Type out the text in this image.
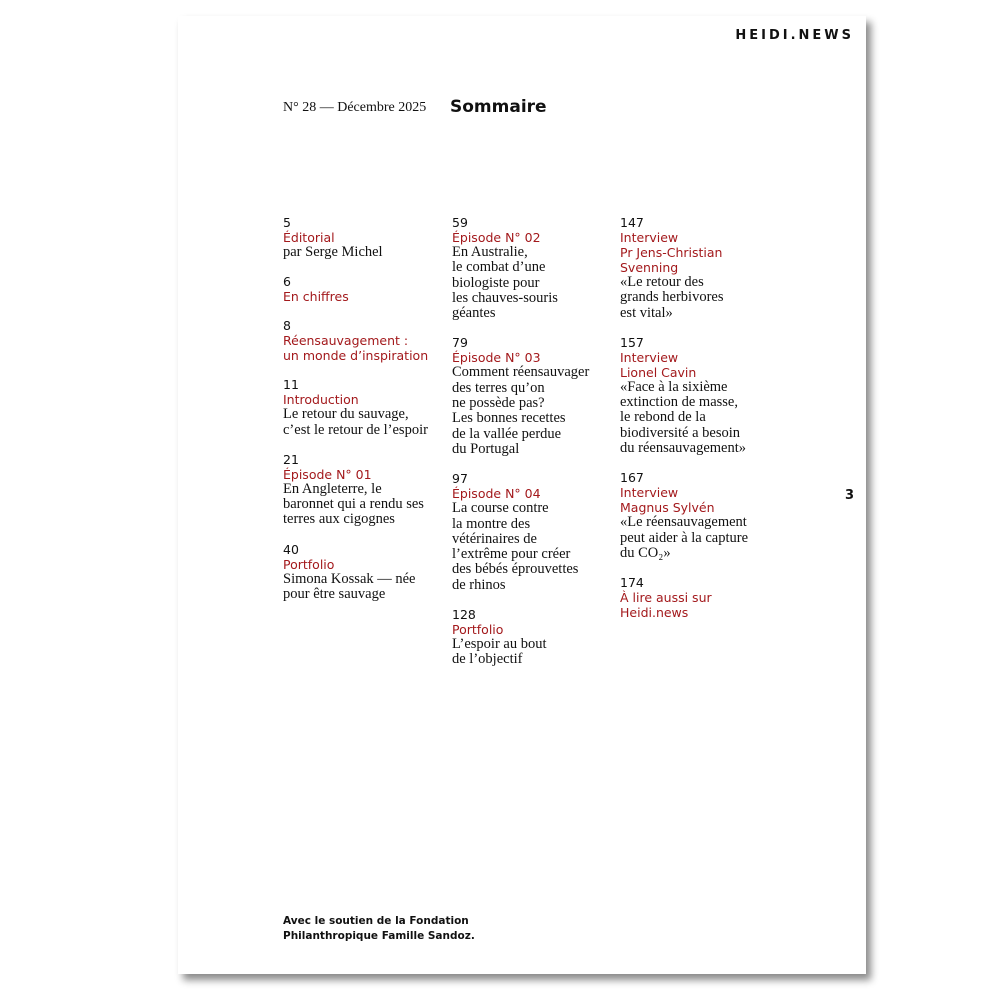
HEIDI.NEWS
N° 28 — Décembre 2025 Sommaire
5
Éditorial
par Serge Michel
6
En chiffres
8
Réensauvagement :
un monde d’inspiration
11
Introduction
Le retour du sauvage,
c’est le retour de l’espoir
21
Épisode N° 01
En Angleterre, le
baronnet qui a rendu ses
terres aux cigognes
40
Portfolio
Simona Kossak — née
pour être sauvage
59
Épisode N° 02
En Australie,
le combat d’une
biologiste pour
les chauves-souris
géantes
79
Épisode N° 03
Comment réensauvager
des terres qu’on
ne possède pas?
Les bonnes recettes
de la vallée perdue
du Portugal
97
Épisode N° 04
La course contre
la montre des
vétérinaires de
l’extrême pour créer
des bébés éprouvettes
de rhinos
128
Portfolio
L’espoir au bout
de l’objectif
147
Interview
Pr Jens-Christian
Svenning
«Le retour des
grands herbivores
est vital»
157
Interview
Lionel Cavin
«Face à la sixième
extinction de masse,
le rebond de la
biodiversité a besoin
du réensauvagement»
167
Interview
Magnus Sylvén
«Le réensauvagement
peut aider à la capture
du CO₂»
174
À lire aussi sur
Heidi.news
3
Avec le soutien de la Fondation
Philanthropique Famille Sandoz.
